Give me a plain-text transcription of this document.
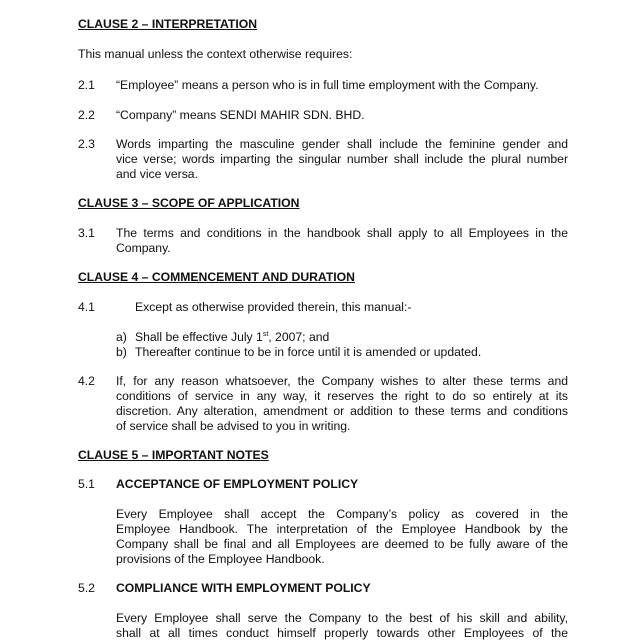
CLAUSE 2 – INTERPRETATION
This manual unless the context otherwise requires:
2.1 “Employee” means a person who is in full time employment with the Company.
2.2 “Company” means SENDI MAHIR SDN. BHD.
2.3 Words imparting the masculine gender shall include the feminine gender and

vice verse; words imparting the singular number shall include the plural number

and vice versa.

CLAUSE 3 – SCOPE OF APPLICATION
3.1 The terms and conditions in the handbook shall apply to all Employees in the

Company.

CLAUSE 4 – COMMENCEMENT AND DURATION
4.1	Except as otherwise provided therein, this manual:-
a) Shall be effective July 1st, 2007; and
b) Thereafter continue to be in force until it is amended or updated.
4.2 If, for any reason whatsoever, the Company wishes to alter these terms and

conditions of service in any way, it reserves the right to do so entirely at its

discretion. Any alteration, amendment or addition to these terms and conditions

of service shall be advised to you in writing.

CLAUSE 5 – IMPORTANT NOTES
5.1 ACCEPTANCE OF EMPLOYMENT POLICY

Every Employee shall accept the Company’s policy as covered in the

Employee Handbook. The interpretation of the Employee Handbook by the

Company shall be final and all Employees are deemed to be fully aware of the

provisions of the Employee Handbook.

5.2 COMPLIANCE WITH EMPLOYMENT POLICY

Every Employee shall serve the Company to the best of his skill and ability,

shall at all times conduct himself properly towards other Employees of the
